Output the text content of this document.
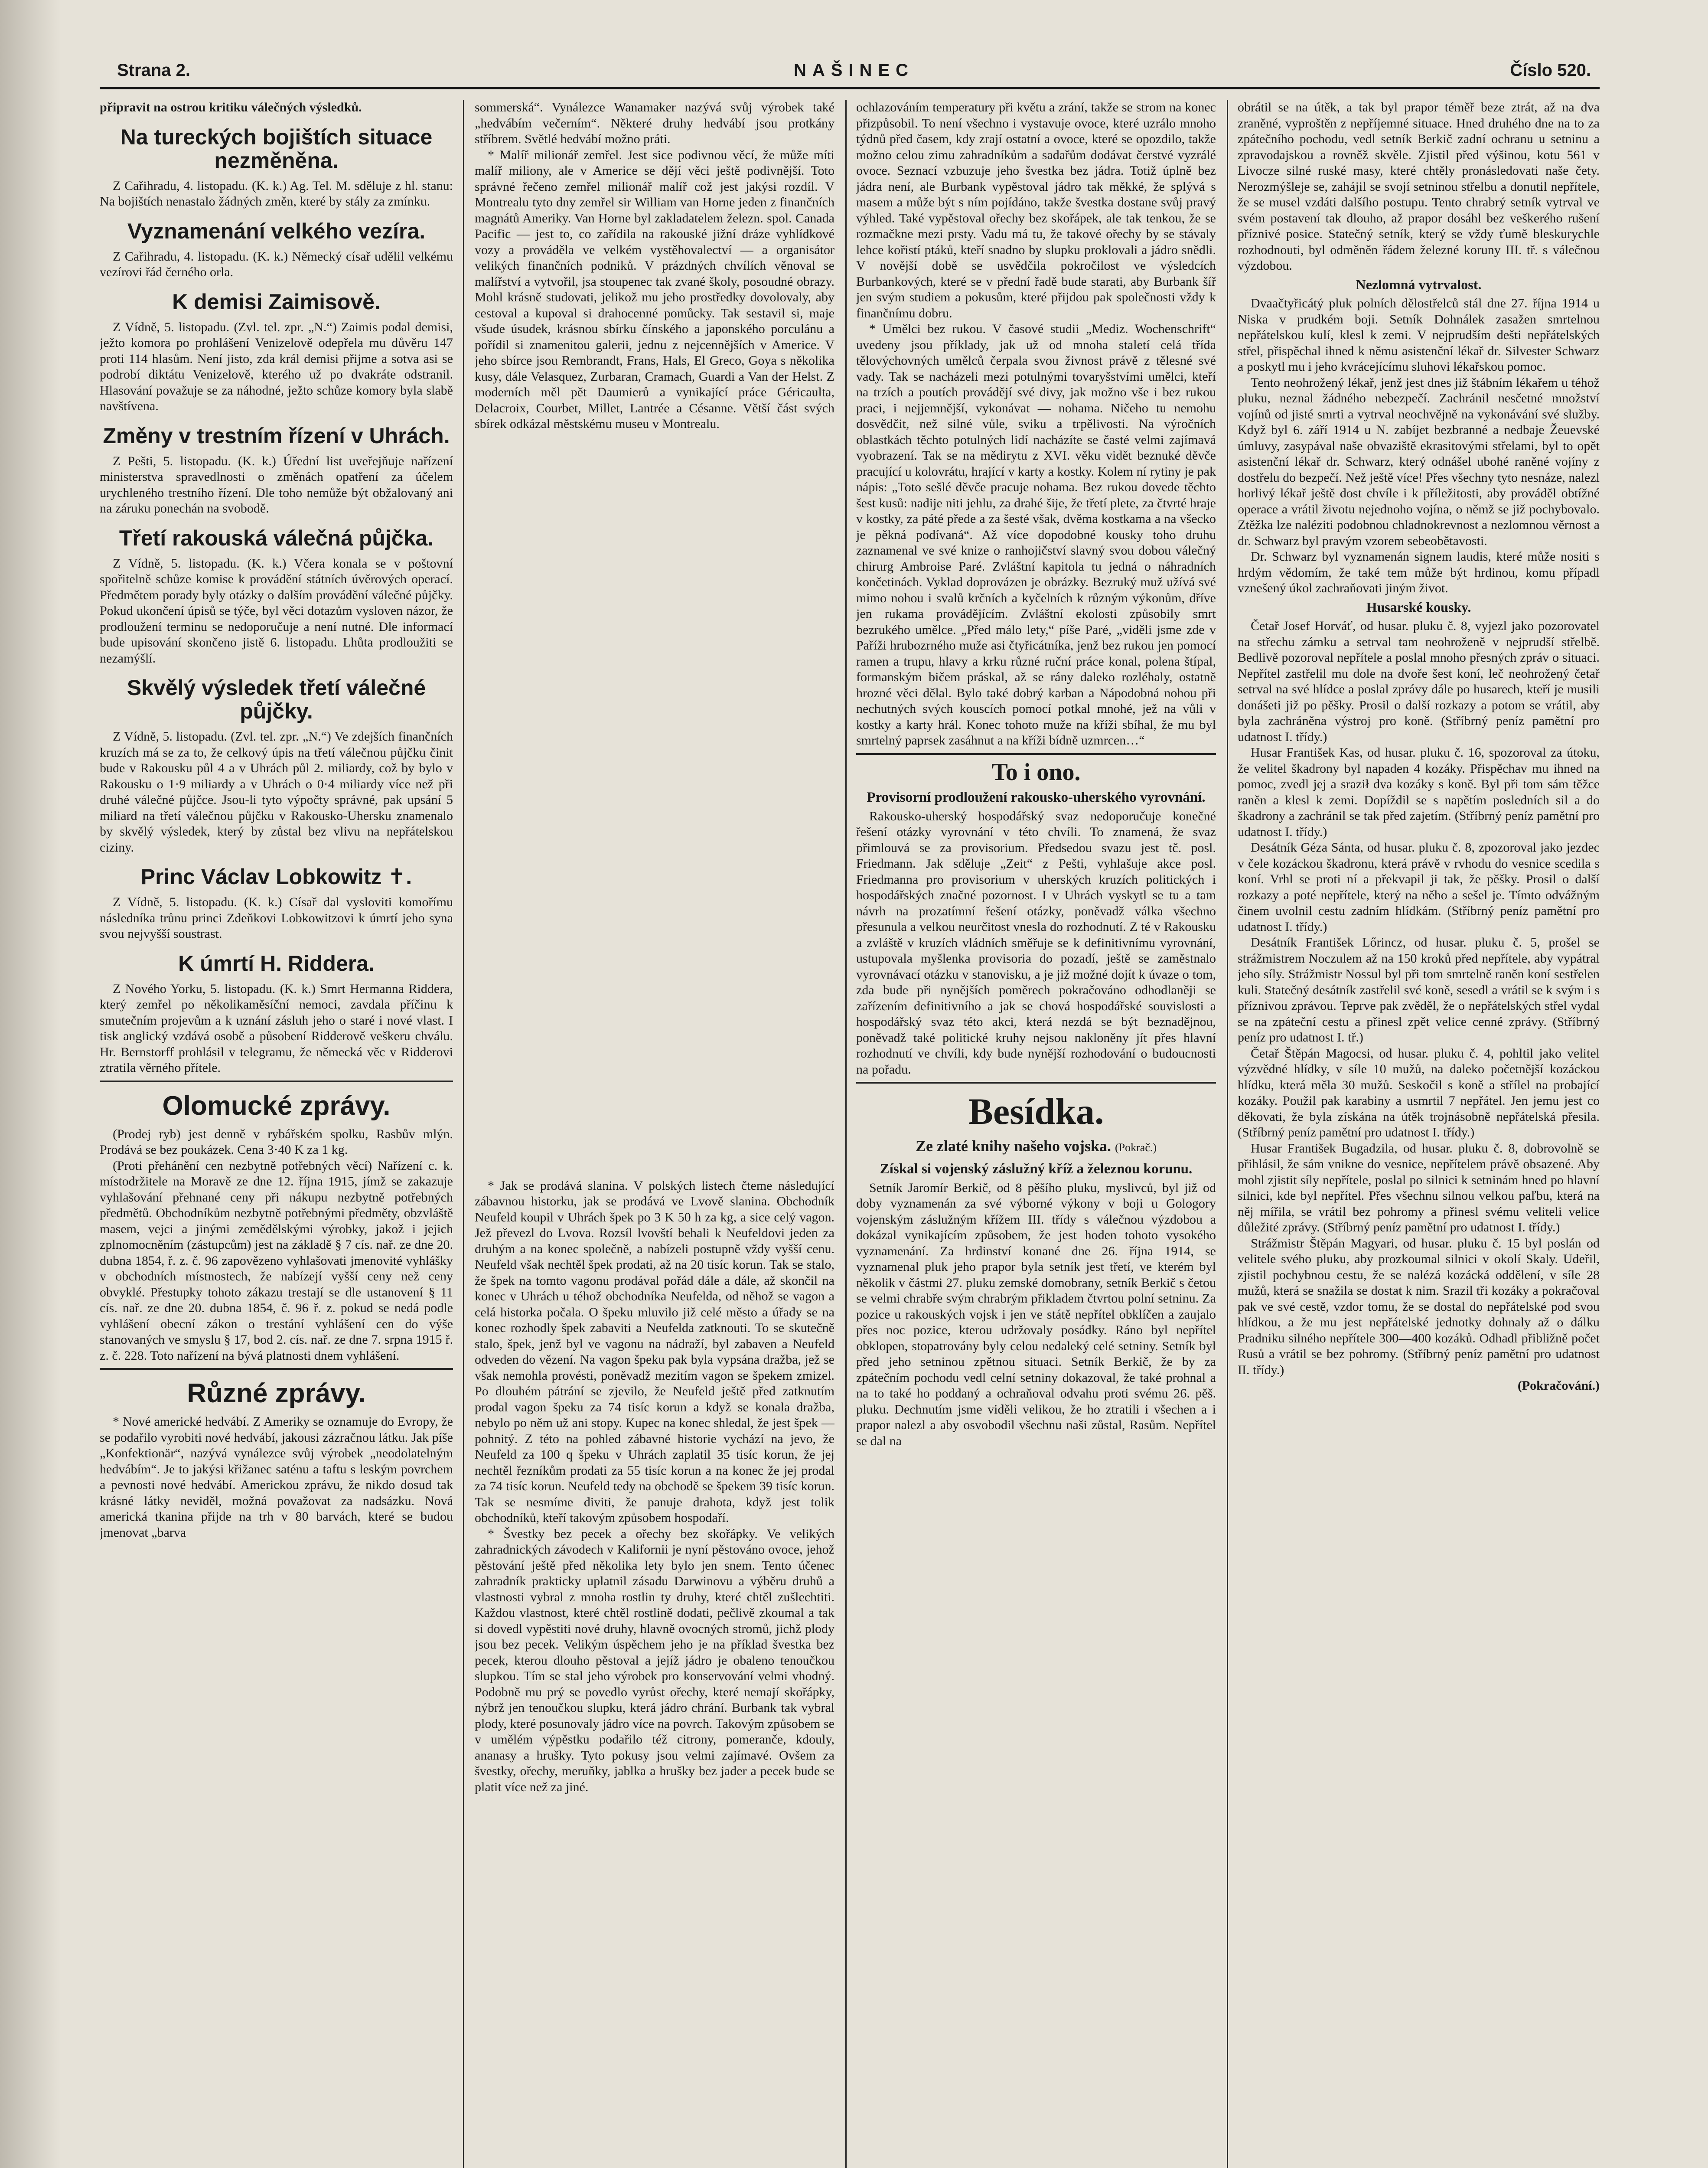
Strana 2.	NAŠINEC	Číslo 520.

připravit na ostrou kritiku válečných výsledků.

Na tureckých bojištích situace nezměněna.

Z Cařihradu, 4. listopadu. (K. k.) Ag. Tel. M. sděluje z hl. stanu: Na bojištích nenastalo žádných změn, které by stály za zmínku.

Vyznamenání velkého vezíra.

Z Cařihradu, 4. listopadu. (K. k.) Německý císař udělil velkému vezírovi řád černého orla.

K demisi Zaimisově.

Z Vídně, 5. listopadu. (Zvl. tel. zpr. „N.“) Zaimis podal demisi, ježto komora po prohlášení Venizelově odepřela mu důvěru 147 proti 114 hlasům. Není jisto, zda král demisi přijme a sotva asi se podrobí diktátu Venizelově, kterého už po dvakráte odstranil. Hlasování považuje se za náhodné, ježto schůze komory byla slabě navštívena.

Změny v trestním řízení v Uhrách.

Z Pešti, 5. listopadu. (K. k.) Úřední list uveřejňuje nařízení ministerstva spravedlnosti o změnách opatření za účelem urychleného trestního řízení. Dle toho nemůže být obžalovaný ani na záruku ponechán na svobodě.

Třetí rakouská válečná půjčka.

Z Vídně, 5. listopadu. (K. k.) Včera konala se v poštovní spořitelně schůze komise k provádění státních úvěrových operací. Předmětem porady byly otázky o dalším provádění válečné půjčky. Pokud ukončení úpisů se týče, byl věci dotazům vysloven názor, že prodloužení terminu se nedoporučuje a není nutné. Dle informací bude upisování skončeno jistě 6. listopadu. Lhůta prodloužiti se nezamýšlí.

Skvělý výsledek třetí válečné půjčky.

Z Vídně, 5. listopadu. (Zvl. tel. zpr. „N.“) Ve zdejších finančních kruzích má se za to, že celkový úpis na třetí válečnou půjčku činit bude v Rakousku půl 4 a v Uhrách půl 2. miliardy, což by bylo v Rakousku o 1·9 miliardy a v Uhrách o 0·4 miliardy více než při druhé válečné půjčce. Jsou-li tyto výpočty správné, pak upsání 5 miliard na třetí válečnou půjčku v Rakousko-Uhersku znamenalo by skvělý výsledek, který by zůstal bez vlivu na nepřátelskou ciziny.

Princ Václav Lobkowitz ✝.

Z Vídně, 5. listopadu. (K. k.) Císař dal vysloviti komořímu následníka trůnu princi Zdeňkovi Lobkowitzovi k úmrtí jeho syna svou nejvyšší soustrast.

K úmrtí H. Riddera.

Z Nového Yorku, 5. listopadu. (K. k.) Smrt Hermanna Riddera, který zemřel po několikaměsíční nemoci, zavdala příčinu k smutečním projevům a k uznání zásluh jeho o staré i nové vlast. I tisk anglický vzdává osobě a působení Ridderově veškeru chválu. Hr. Bernstorff prohlásil v telegramu, že německá věc v Ridderovi ztratila věrného přítele.

Olomucké zprávy.

(Prodej ryb) jest denně v rybářském spolku, Rasbův mlýn. Prodává se bez poukázek. Cena 3·40 K za 1 kg.

(Proti přehánění cen nezbytně potřebných věcí) Nařízení c. k. místodržitele na Moravě ze dne 12. října 1915, jímž se zakazuje vyhlašování přehnané ceny při nákupu nezbytně potřebných předmětů. Obchodníkům nezbytně potřebnými předměty, obzvláště masem, vejci a jinými zemědělskými výrobky, jakož i jejich zplnomocněním (zástupcům) jest na základě § 7 cís. nař. ze dne 20. dubna 1854, ř. z. č. 96 zapovězeno vyhlašovati jmenovité vyhlášky v obchodních místnostech, že nabízejí vyšší ceny než ceny obvyklé. Přestupky tohoto zákazu trestají se dle ustanovení § 11 cís. nař. ze dne 20. dubna 1854, č. 96 ř. z. pokud se nedá podle vyhlášení obecní zákon o trestání vyhlášení cen do výše stanovaných ve smyslu § 17, bod 2. cís. nař. ze dne 7. srpna 1915 ř. z. č. 228. Toto nařízení na bývá platnosti dnem vyhlášení.

Různé zprávy.

* Nové americké hedvábí. Z Ameriky se oznamuje do Evropy, že se podařilo vyrobiti nové hedvábí, jakousi zázračnou látku. Jak píše „Konfektionär“, nazývá vynálezce svůj výrobek „neodolatelným hedvábím“. Je to jakýsi křižanec saténu a taftu s leským povrchem a pevnosti nové hedvábí. Americkou zprávu, že nikdo dosud tak krásné látky neviděl, možná považovat za nadsázku. Nová americká tkanina přijde na trh v 80 barvách, které se budou jmenovat „barva

sommerská“. Vynálezce Wanamaker nazývá svůj výrobek také „hedvábím večerním“. Některé druhy hedvábí jsou protkány stříbrem. Světlé hedvábí možno práti.

* Malíř milionář zemřel. Jest sice podivnou věcí, že může míti malíř miliony, ale v Americe se dějí věci ještě podivnější. Toto správné řečeno zemřel milionář malíř což jest jakýsi rozdíl. V Montrealu tyto dny zemřel sir William van Horne jeden z finančních magnátů Ameriky. Van Horne byl zakladatelem železn. spol. Canada Pacific — jest to, co zařídila na rakouské jižní dráze vyhlídkové vozy a prováděla ve velkém vystěhovalectví — a organisátor velikých finančních podniků. V prázdných chvílích věnoval se malířství a vytvořil, jsa stoupenec tak zvané školy, posoudné obrazy. Mohl krásně studovati, jelikož mu jeho prostředky dovolovaly, aby cestoval a kupoval si drahocenné pomůcky. Tak sestavil si, maje všude úsudek, krásnou sbírku čínského a japonského porculánu a pořídil si znamenitou galerii, jednu z nejcennějších v Americe. V jeho sbírce jsou Rembrandt, Frans, Hals, El Greco, Goya s několika kusy, dále Velasquez, Zurbaran, Cramach, Guardi a Van der Helst. Z moderních měl pět Daumierů a vynikající práce Géricaulta, Delacroix, Courbet, Millet, Lantrée a Césanne. Větší část svých sbírek odkázal městskému museu v Montrealu.

* Jak se prodává slanina. V polských listech čteme následující zábavnou historku, jak se prodává ve Lvově slanina. Obchodník Neufeld koupil v Uhrách špek po 3 K 50 h za kg, a sice celý vagon. Jež převezl do Lvova. Rozsíl lvovští behali k Neufeldovi jeden za druhým a na konec společně, a nabízeli postupně vždy vyšší cenu. Neufeld však nechtěl špek prodati, až na 20 tisíc korun. Tak se stalo, že špek na tomto vagonu prodával pořád dále a dále, až skončil na konec v Uhrách u téhož obchodníka Neufelda, od něhož se vagon a celá historka počala. O špeku mluvilo již celé město a úřady se na konec rozhodly špek zabaviti a Neufelda zatknouti. To se skutečně stalo, špek, jenž byl ve vagonu na nádraží, byl zabaven a Neufeld odveden do vězení. Na vagon špeku pak byla vypsána dražba, jež se však nemohla provésti, poněvadž mezitím vagon se špekem zmizel. Po dlouhém pátrání se zjevilo, že Neufeld ještě před zatknutím prodal vagon špeku za 74 tisíc korun a když se konala dražba, nebylo po něm už ani stopy. Kupec na konec shledal, že jest špek — pohnitý. Z této na pohled zábavné historie vychází na jevo, že Neufeld za 100 q špeku v Uhrách zaplatil 35 tisíc korun, že jej nechtěl řezníkům prodati za 55 tisíc korun a na konec že jej prodal za 74 tisíc korun. Neufeld tedy na obchodě se špekem 39 tisíc korun. Tak se nesmíme diviti, že panuje drahota, když jest tolik obchodníků, kteří takovým způsobem hospodaří.

* Švestky bez pecek a ořechy bez skořápky. Ve velikých zahradnických závodech v Kalifornii je nyní pěstováno ovoce, jehož pěstování ještě před několika lety bylo jen snem. Tento účenec zahradník prakticky uplatnil zásadu Darwinovu a výběru druhů a vlastnosti vybral z mnoha rostlin ty druhy, které chtěl zušlechtiti. Každou vlastnost, které chtěl rostlině dodati, pečlivě zkoumal a tak si dovedl vypěstiti nové druhy, hlavně ovocných stromů, jichž plody jsou bez pecek. Velikým úspěchem jeho je na příklad švestka bez pecek, kterou dlouho pěstoval a jejíž jádro je obaleno tenoučkou slupkou. Tím se stal jeho výrobek pro konservování velmi vhodný. Podobně mu prý se povedlo vyrůst ořechy, které nemají skořápky, nýbrž jen tenoučkou slupku, která jádro chrání. Burbank tak vybral plody, které posunovaly jádro více na povrch. Takovým způsobem se v umělém výpěstku podařilo též citrony, pomeranče, kdouly, ananasy a hrušky. Tyto pokusy jsou velmi zajímavé. Ovšem za švestky, ořechy, meruňky, jablka a hrušky bez jader a pecek bude se platit více než za jiné.

ochlazováním temperatury při květu a zrání, takže se strom na konec přizpůsobil. To není všechno i vystavuje ovoce, které uzrálo mnoho týdnů před časem, kdy zrají ostatní a ovoce, které se opozdilo, takže možno celou zimu zahradníkům a sadařům dodávat čerstvé vyzrálé ovoce. Seznací vzbuzuje jeho švestka bez jádra. Totiž úplně bez jádra není, ale Burbank vypěstoval jádro tak měkké, že splývá s masem a může být s ním pojídáno, takže švestka dostane svůj pravý výhled. Také vypěstoval ořechy bez skořápek, ale tak tenkou, že se rozmačkne mezi prsty. Vadu má tu, že takové ořechy by se stávaly lehce kořistí ptáků, kteří snadno by slupku proklovali a jádro snědli. V novější době se usvědčila pokročilost ve výsledcích Burbankových, které se v přední řadě bude starati, aby Burbank šíř jen svým studiem a pokusům, které přijdou pak společnosti vždy k finančnímu dobru.

* Umělci bez rukou. V časové studii „Mediz. Wochenschrift“ uvedeny jsou příklady, jak už od mnoha staletí celá třída tělovýchovných umělců čerpala svou živnost právě z tělesné své vady. Tak se nacházeli mezi potulnými tovaryšstvími umělci, kteří na trzích a poutích provádějí své divy, jak možno vše i bez rukou praci, i nejjemnější, vykonávat — nohama. Ničeho tu nemohu dosvědčit, než silné vůle, sviku a trpělivosti. Na výročních oblastkách těchto potulných lidí nacházíte se časté velmi zajímavá vyobrazení. Tak se na mědirytu z XVI. věku vidět beznuké děvče pracující u kolovrátu, hrající v karty a kostky. Kolem ní rytiny je pak nápis: „Toto sešlé děvče pracuje nohama. Bez rukou dovede těchto šest kusů: nadije niti jehlu, za drahé šije, že třetí plete, za čtvrté hraje v kostky, za páté přede a za šesté však, dvěma kostkama a na všecko je pěkná podívaná“. Až více dopodobné kousky toho druhu zaznamenal ve své knize o ranhojičství slavný svou dobou válečný chirurg Ambroise Paré. Zvláštní kapitola tu jedná o náhradních končetinách. Vyklad doprovázen je obrázky. Bezruký muž užívá své mimo nohou i svalů krčních a kyčelních k různým výkonům, dříve jen rukama provádějícím. Zvláštní ekolosti způsobily smrt bezrukého umělce. „Před málo lety,“ píše Paré, „viděli jsme zde v Paříži hrubozrného muže asi čtyřicátníka, jenž bez rukou jen pomocí ramen a trupu, hlavy a krku různé ruční práce konal, polena štípal, formanským bičem práskal, až se rány daleko rozléhaly, ostatně hrozné věci dělal. Bylo také dobrý karban a Nápodobná nohou při nechutných svých kouscích pomocí potkal mnohé, jež na vůli v kostky a karty hrál. Konec tohoto muže na kříži sbíhal, že mu byl smrtelný paprsek zasáhnut a na kříži bídně uzmrcen…“

To i ono.
Provisorní prodloužení rakousko-uherského vyrovnání.

Rakousko-uherský hospodářský svaz nedoporučuje konečné řešení otázky vyrovnání v této chvíli. To znamená, že svaz přimlouvá se za provisorium. Předsedou svazu jest tč. posl. Friedmann. Jak sděluje „Zeit“ z Pešti, vyhlašuje akce posl. Friedmanna pro provisorium v uherských kruzích politických i hospodářských značné pozornost. I v Uhrách vyskytl se tu a tam návrh na prozatímní řešení otázky, poněvadž válka všechno přesunula a velkou neurčitost vnesla do rozhodnutí. Z té v Rakousku a zvláště v kruzích vládních směřuje se k definitivnímu vyrovnání, ustupovala myšlenka provisoria do pozadí, ještě se zaměstnalo vyrovnávací otázku v stanovisku, a je již možné dojít k úvaze o tom, zda bude při nynějších poměrech pokračováno odhodlaněji se zařízením definitivního a jak se chová hospodářské souvislosti a hospodářský svaz této akci, která nezdá se být beznadějnou, poněvadž také politické kruhy nejsou nakloněny jít přes hlavní rozhodnutí ve chvíli, kdy bude nynější rozhodování o budoucnosti na pořadu.

Besídka.
Ze zlaté knihy našeho vojska. (Pokrač.)
Získal si vojenský záslužný kříž a železnou korunu.

Setník Jaromír Berkič, od 8 pěšího pluku, myslivců, byl již od doby vyznamenán za své výborné výkony v boji u Gologory vojenským záslužným křížem III. třídy s válečnou výzdobou a dokázal vynikajícím způsobem, že jest hoden tohoto vysokého vyznamenání. Za hrdinství konané dne 26. října 1914, se vyznamenal pluk jeho prapor byla setník jest třetí, ve kterém byl několik v částmi 27. pluku zemské domobrany, setník Berkič s četou se velmi chrabře svým chrabrým přikladem čtvrtou polní setninu. Za pozice u rakouských vojsk i jen ve státě nepřítel obklíčen a zaujalo přes noc pozice, kterou udržovaly posádky. Ráno byl nepřítel obklopen, stopatrovány byly celou nedaleký celé setniny. Setník byl před jeho setninou zpětnou situaci. Setník Berkič, že by za zpátečním pochodu vedl celní setniny dokazoval, že také prohnal a na to také ho poddaný a ochraňoval odvahu proti svému 26. pěš. pluku. Dechnutím jsme viděli velikou, že ho ztratili i všechen a i prapor nalezl a aby osvobodil všechnu naši zůstal, Rasům. Nepřítel se dal na

obrátil se na útěk, a tak byl prapor téměř beze ztrát, až na dva zraněné, vyproštěn z nepříjemné situace. Hned druhého dne na to za zpátečního pochodu, vedl setník Berkič zadní ochranu u setninu a zpravodajskou a rovněž skvěle. Zjistil před výšinou, kotu 561 v Livocze silné ruské masy, které chtěly pronásledovati naše čety. Nerozmýšleje se, zahájil se svojí setninou střelbu a donutil nepřítele, že se musel vzdáti dalšího postupu. Tento chrabrý setník vytrval ve svém postavení tak dlouho, až prapor dosáhl bez veškerého rušení příznivé posice. Statečný setník, který se vždy ťumě bleskurychle rozhodnouti, byl odměněn řádem železné koruny III. tř. s válečnou výzdobou.

Nezlomná vytrvalost.

Dvaačtyřicátý pluk polních dělostřelců stál dne 27. října 1914 u Niska v prudkém boji. Setník Dohnálek zasažen smrtelnou nepřátelskou kulí, klesl k zemi. V nejprudším dešti nepřátelských střel, přispěchal ihned k němu asistenční lékař dr. Silvester Schwarz a poskytl mu i jeho kvrácejícímu sluhovi lékařskou pomoc.

Tento neohrožený lékař, jenž jest dnes již štábním lékařem u téhož pluku, neznal žádného nebezpečí. Zachránil nesčetné množství vojínů od jisté smrti a vytrval neochvějně na vykonávání své služby. Když byl 6. září 1914 u N. zabíjet bezbranné a nedbaje Žeuevské úmluvy, zasypával naše obvaziště ekrasitovými střelami, byl to opět asistenční lékař dr. Schwarz, který odnášel ubohé raněné vojíny z dostřelu do bezpečí. Než ještě více! Přes všechny tyto nesnáze, nalezl horlivý lékař ještě dost chvíle i k příležitosti, aby prováděl obtížné operace a vrátil životu nejednoho vojína, o němž se již pochybovalo. Ztěžka lze naléziti podobnou chladnokrevnost a nezlomnou věrnost a dr. Schwarz byl pravým vzorem sebeobětavosti.

Dr. Schwarz byl vyznamenán signem laudis, které může nositi s hrdým vědomím, že také tem může být hrdinou, komu případl vznešený úkol zachraňovati jiným život.

Husarské kousky.

Četař Josef Horváť, od husar. pluku č. 8, vyjezl jako pozorovatel na střechu zámku a setrval tam neohroženě v nejprudší střelbě. Bedlivě pozoroval nepřítele a poslal mnoho přesných zpráv o situaci. Nepřítel zastřelil mu dole na dvoře šest koní, leč neohrožený četař setrval na své hlídce a poslal zprávy dále po husarech, kteří je musili donášeti již po pěšky. Prosil o další rozkazy a potom se vrátil, aby byla zachráněna výstroj pro koně. (Stříbrný peníz pamětní pro udatnost I. třídy.)

Husar František Kas, od husar. pluku č. 16, spozoroval za útoku, že velitel škadrony byl napaden 4 kozáky. Přispěchav mu ihned na pomoc, zvedl jej a sraził dva kozáky s koně. Byl při tom sám těžce raněn a klesl k zemi. Dopíždil se s napětím posledních sil a do škadrony a zachránil se tak před zajetím. (Stříbrný peníz pamětní pro udatnost I. třídy.)

Desátník Géza Sánta, od husar. pluku č. 8, zpozoroval jako jezdec v čele kozáckou škadronu, která právě v rvhodu do vesnice scedila s koní. Vrhl se proti ní a překvapil ji tak, že pěšky. Prosil o další rozkazy a poté nepřítele, který na něho a sešel je. Tímto odvážným činem uvolnil cestu zadním hlídkám. (Stříbrný peníz pamětní pro udatnost I. třídy.)

Desátník František Lőrincz, od husar. pluku č. 5, prošel se strážmistrem Noczulem až na 150 kroků před nepřítele, aby vypátral jeho síly. Strážmistr Nossul byl při tom smrtelně raněn koní sestřelen kuli. Statečný desátník zastřelil své koně, sesedl a vrátil se k svým i s příznivou zprávou. Teprve pak zvěděl, že o nepřátelských střel vydal se na zpáteční cestu a přinesl zpět velice cenné zprávy. (Stříbrný peníz pro udatnost I. tř.)

Četař Štěpán Magocsi, od husar. pluku č. 4, pohltil jako velitel výzvědné hlídky, v síle 10 mužů, na daleko početnější kozáckou hlídku, která měla 30 mužů. Seskočil s koně a střílel na probající kozáky. Použil pak karabiny a usmrtil 7 nepřátel. Jen jemu jest co děkovati, že byla získána na útěk trojnásobně nepřátelská přesila. (Stříbrný peníz pamětní pro udatnost I. třídy.)

Husar František Bugadzila, od husar. pluku č. 8, dobrovolně se přihlásil, že sám vnikne do vesnice, nepřítelem právě obsazené. Aby mohl zjistit síly nepřítele, poslal po silnici k setninám hned po hlavní silnici, kde byl nepřítel. Přes všechnu silnou velkou paľbu, která na něj mířila, se vrátil bez pohromy a přinesl svému veliteli velice důležité zprávy. (Stříbrný peníz pamětní pro udatnost I. třídy.)

Strážmistr Štěpán Magyari, od husar. pluku č. 15 byl poslán od velitele svého pluku, aby prozkoumal silnici v okolí Skaly. Udeřil, zjistil pochybnou cestu, že se nalézá kozácká oddělení, v síle 28 mužů, která se snažila se dostat k nim. Srazil tři kozáky a pokračoval pak ve své cestě, vzdor tomu, že se dostal do nepřátelské pod svou hlídkou, a že mu jest nepřátelské jednotky dohnaly až o dálku Pradniku silného nepřítele 300—400 kozáků. Odhadl přibližně počet Rusů a vrátil se bez pohromy. (Stříbrný peníz pamětní pro udatnost II. třídy.)

(Pokračování.)
